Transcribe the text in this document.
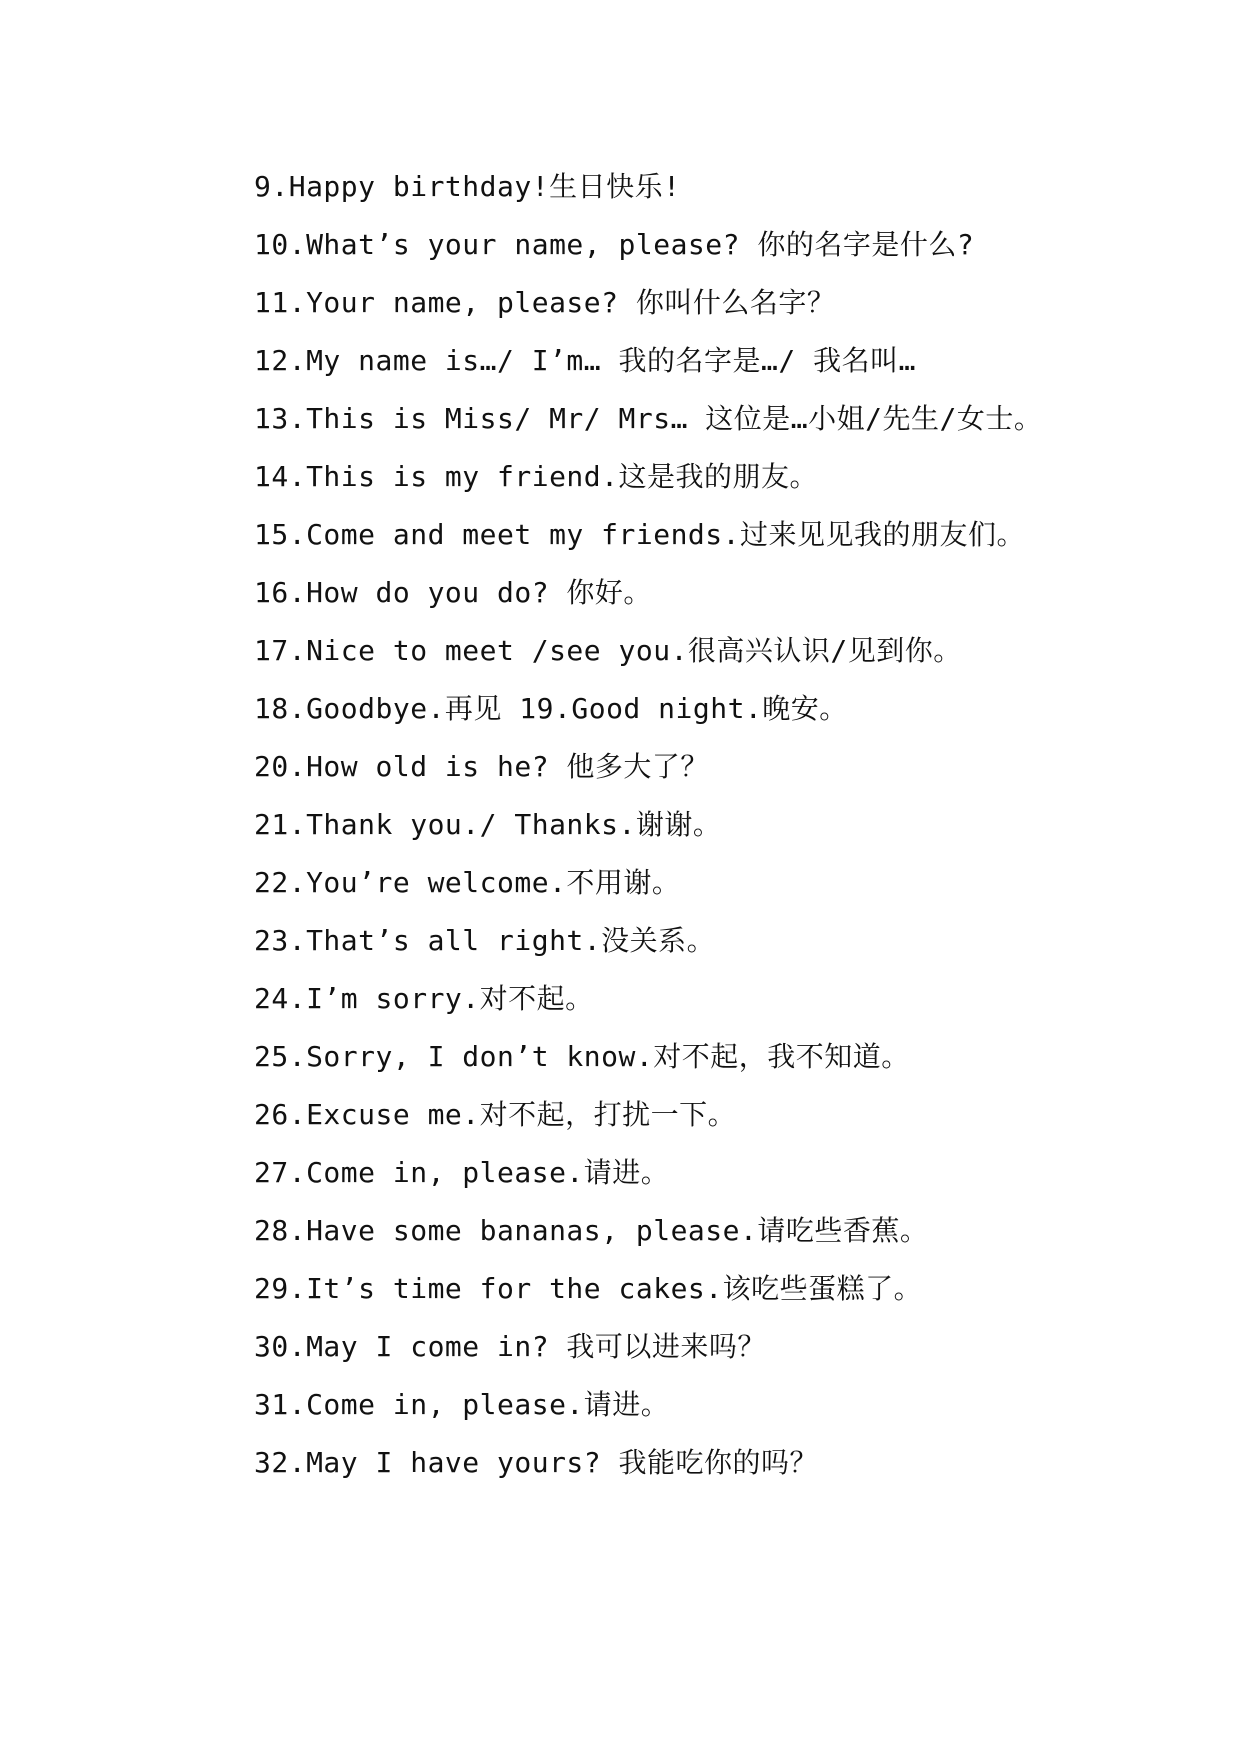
9.Happy birthday!生日快乐!

10.What’s your name, please? 你的名字是什么?

11.Your name, please? 你叫什么名字？

12.My name is…/ I’m… 我的名字是…/ 我名叫…

13.This is Miss/ Mr/ Mrs… 这位是…小姐/先生/女士。

14.This is my friend.这是我的朋友。

15.Come and meet my friends.过来见见我的朋友们。

16.How do you do? 你好。

17.Nice to meet /see you.很高兴认识/见到你。

18.Goodbye.再见 19.Good night.晚安。

20.How old is he? 他多大了？

21.Thank you./ Thanks.谢谢。

22.You’re welcome.不用谢。

23.That’s all right.没关系。

24.I’m sorry.对不起。

25.Sorry, I don’t know.对不起，我不知道。

26.Excuse me.对不起，打扰一下。

27.Come in, please.请进。

28.Have some bananas, please.请吃些香蕉。

29.It’s time for the cakes.该吃些蛋糕了。

30.May I come in? 我可以进来吗？

31.Come in, please.请进。

32.May I have yours? 我能吃你的吗？
